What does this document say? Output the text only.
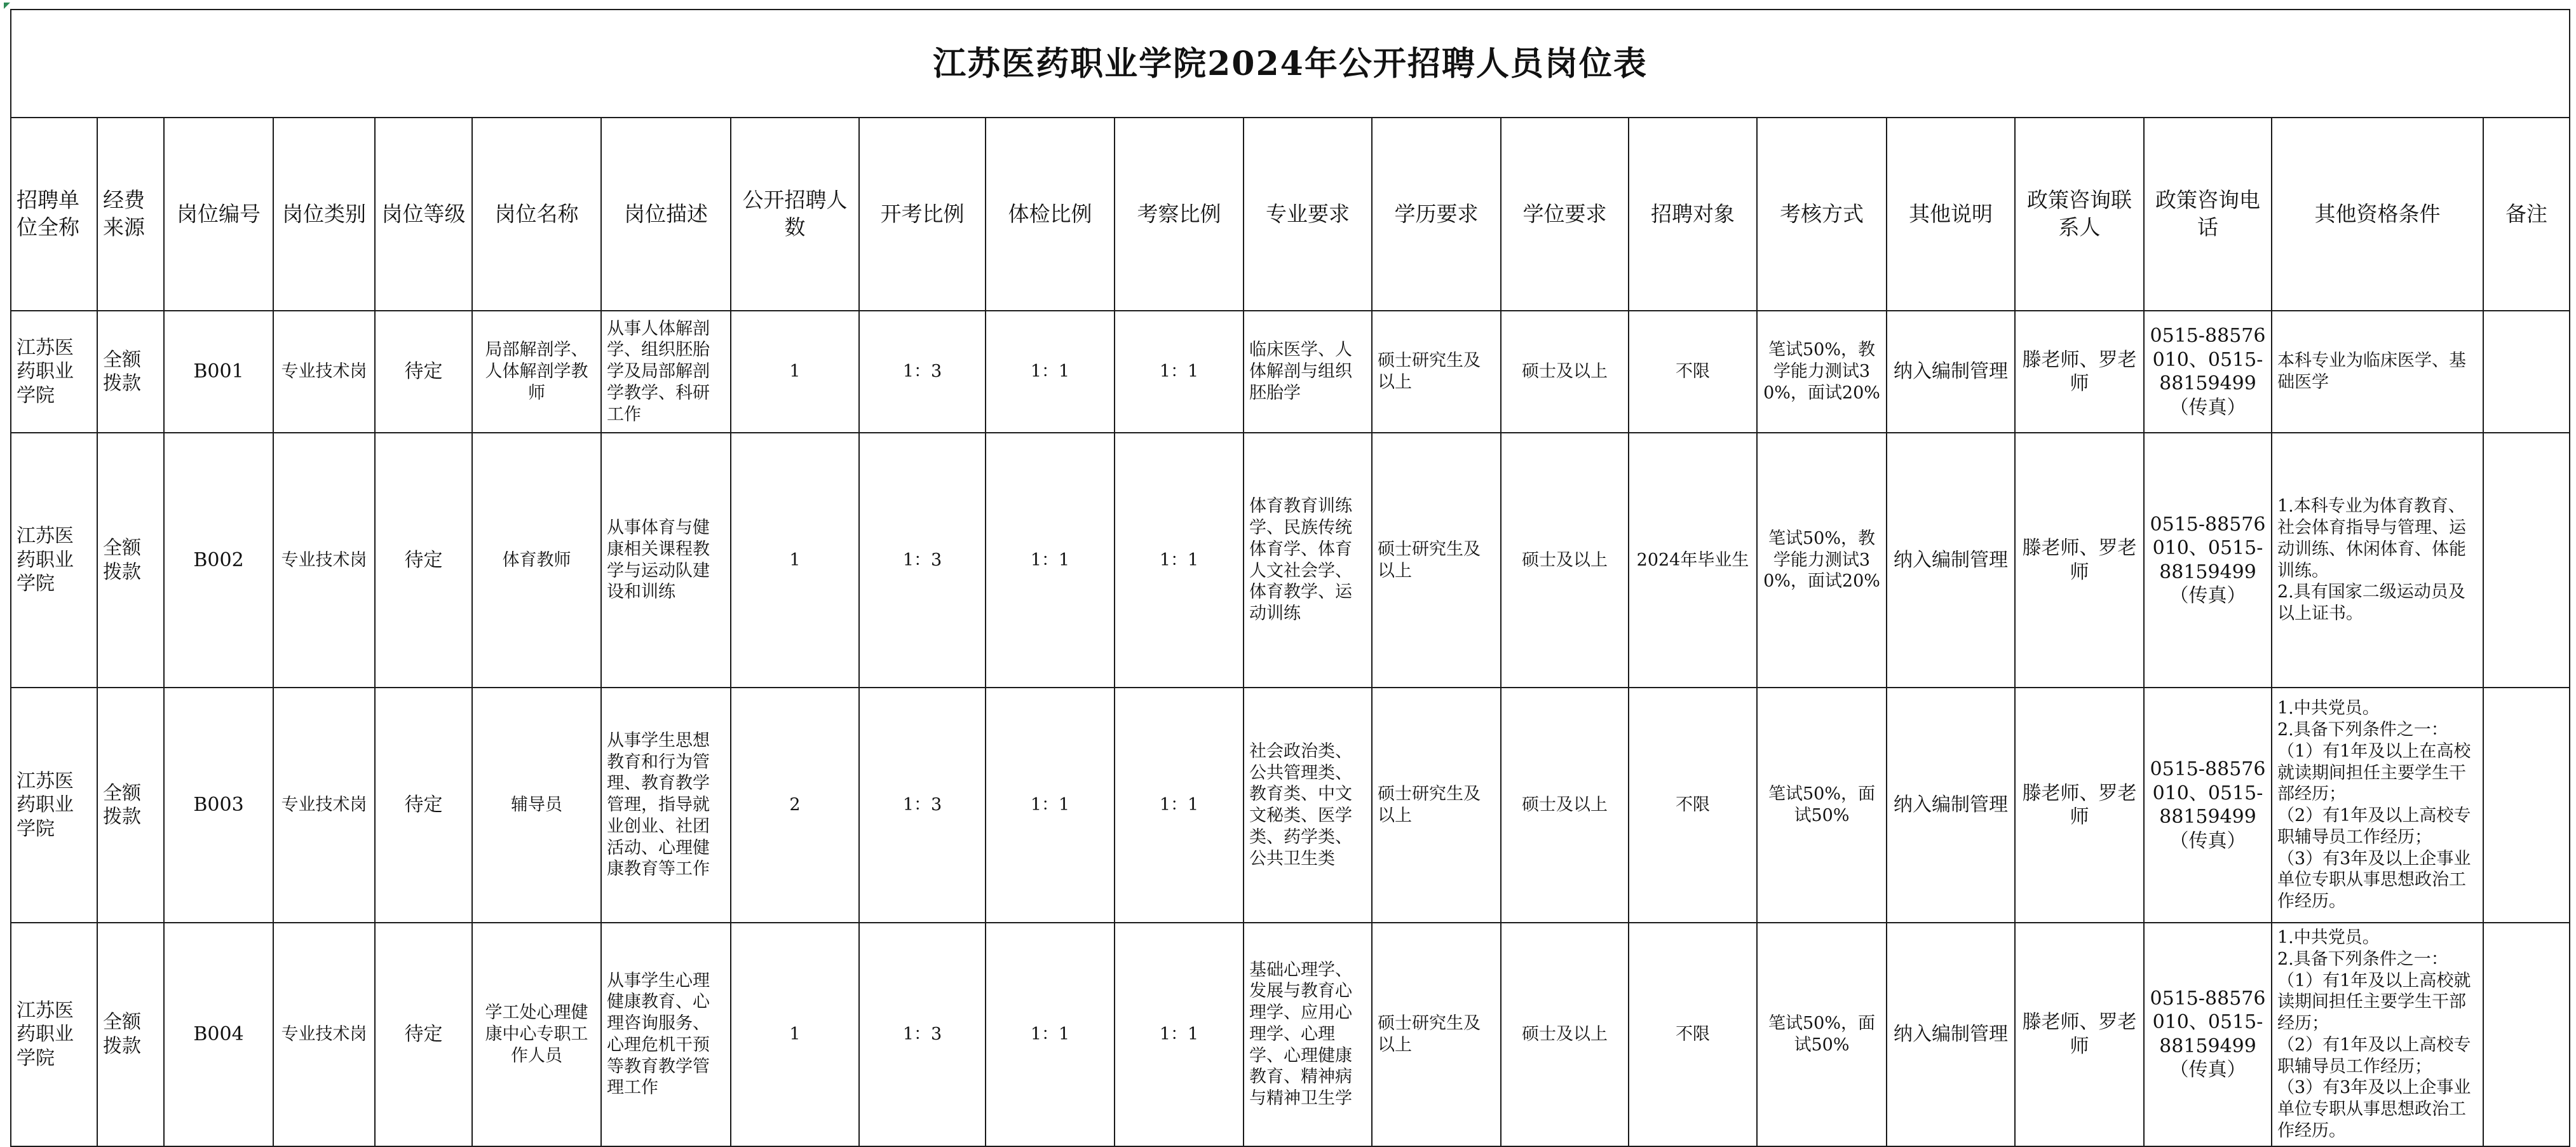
江苏医药职业学院2024年公开招聘人员岗位表																				
招聘单位全称	经费来源	岗位编号	岗位类别	岗位等级	岗位名称	岗位描述	公开招聘人数	开考比例	体检比例	考察比例	专业要求	学历要求	学位要求	招聘对象	考核方式	其他说明	政策咨询联系人	政策咨询电话	其他资格条件	备注
江苏医药职业学院	全额拨款	B001	专业技术岗	待定	局部解剖学、人体解剖学教师	从事人体解剖学、组织胚胎学及局部解剖学教学、科研工作	1	1：3	1：1	1：1	临床医学、人体解剖与组织胚胎学	硕士研究生及以上	硕士及以上	不限	笔试50%，教学能力测试30%，面试20%	纳入编制管理	滕老师、罗老师	0515-88576010、0515-88159499（传真）	本科专业为临床医学、基础医学	
江苏医药职业学院	全额拨款	B002	专业技术岗	待定	体育教师	从事体育与健康相关课程教学与运动队建设和训练	1	1：3	1：1	1：1	体育教育训练学、民族传统体育学、体育人文社会学、体育教学、运动训练	硕士研究生及以上	硕士及以上	2024年毕业生	笔试50%，教学能力测试30%，面试20%	纳入编制管理	滕老师、罗老师	0515-88576010、0515-88159499（传真）	1.本科专业为体育教育、社会体育指导与管理、运动训练、休闲体育、体能训练。
2.具有国家二级运动员及以上证书。	
江苏医药职业学院	全额拨款	B003	专业技术岗	待定	辅导员	从事学生思想教育和行为管理、教育教学管理，指导就业创业、社团活动、心理健康教育等工作	2	1：3	1：1	1：1	社会政治类、公共管理类、教育类、中文文秘类、医学类、药学类、公共卫生类	硕士研究生及以上	硕士及以上	不限	笔试50%，面试50%	纳入编制管理	滕老师、罗老师	0515-88576010、0515-88159499（传真）	1.中共党员。
2.具备下列条件之一：
（1）有1年及以上在高校就读期间担任主要学生干部经历；
（2）有1年及以上高校专职辅导员工作经历；
（3）有3年及以上企事业单位专职从事思想政治工作经历。	
江苏医药职业学院	全额拨款	B004	专业技术岗	待定	学工处心理健康中心专职工作人员	从事学生心理健康教育、心理咨询服务、心理危机干预等教育教学管理工作	1	1：3	1：1	1：1	基础心理学、发展与教育心理学、应用心理学、心理学、心理健康教育、精神病与精神卫生学	硕士研究生及以上	硕士及以上	不限	笔试50%，面试50%	纳入编制管理	滕老师、罗老师	0515-88576010、0515-88159499（传真）	1.中共党员。
2.具备下列条件之一：
（1）有1年及以上高校就读期间担任主要学生干部经历；
（2）有1年及以上高校专职辅导员工作经历；
（3）有3年及以上企事业单位专职从事思想政治工作经历。	
